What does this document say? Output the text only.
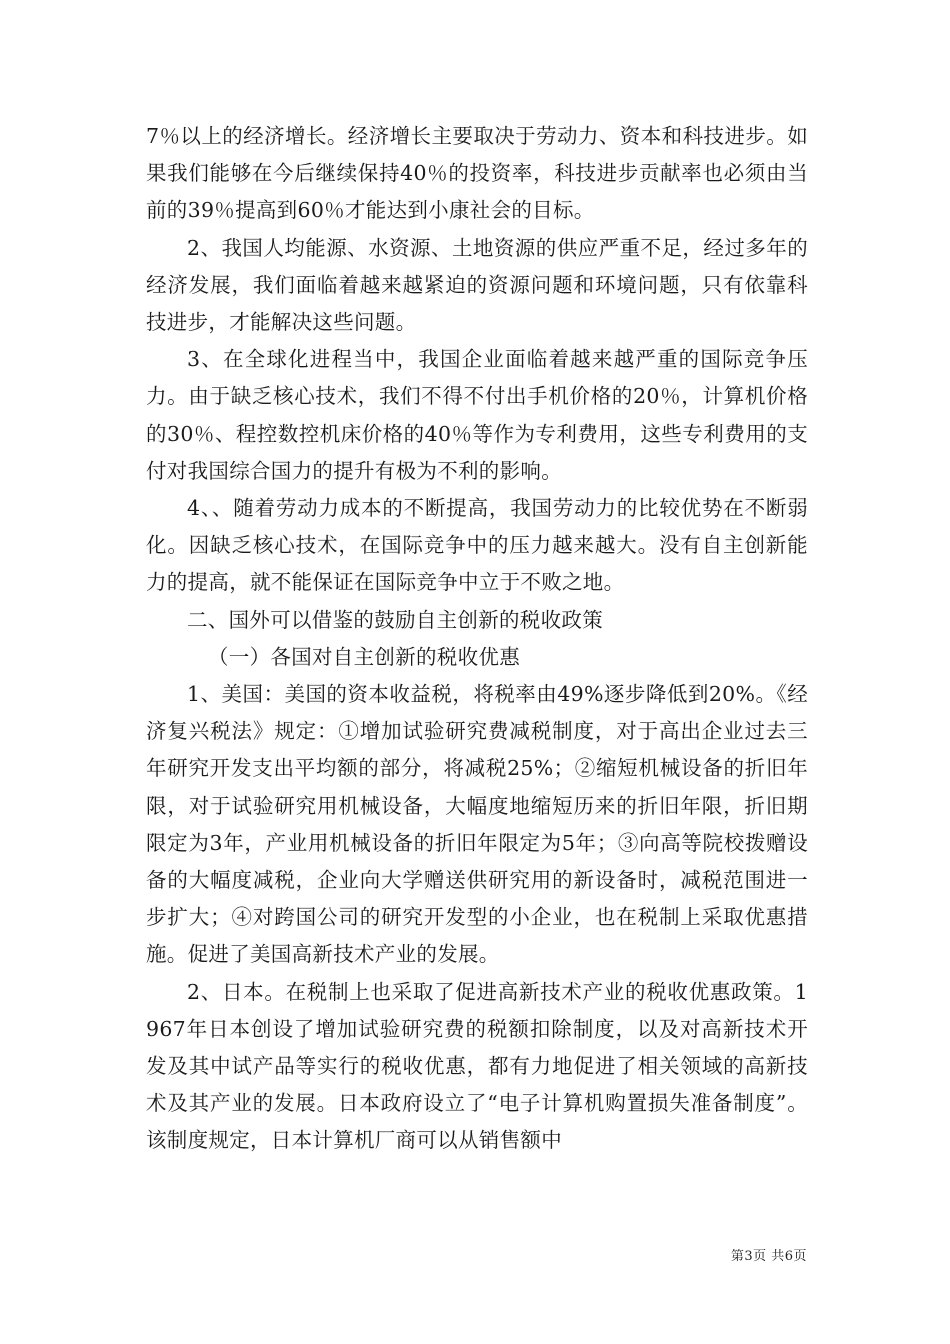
7％以上的经济增长。经济增长主要取决于劳动力、资本和科技进步。如果我们能够在今后继续保持40％的投资率，科技进步贡献率也必须由当前的39％提高到60％才能达到小康社会的目标。

2、我国人均能源、水资源、土地资源的供应严重不足，经过多年的经济发展，我们面临着越来越紧迫的资源问题和环境问题，只有依靠科技进步，才能解决这些问题。

3、在全球化进程当中，我国企业面临着越来越严重的国际竞争压力。由于缺乏核心技术，我们不得不付出手机价格的20％，计算机价格的30％、程控数控机床价格的40％等作为专利费用，这些专利费用的支付对我国综合国力的提升有极为不利的影响。

4、、随着劳动力成本的不断提高，我国劳动力的比较优势在不断弱化。因缺乏核心技术，在国际竞争中的压力越来越大。没有自主创新能力的提高，就不能保证在国际竞争中立于不败之地。

二、国外可以借鉴的鼓励自主创新的税收政策

（一）各国对自主创新的税收优惠

1、美国：美国的资本收益税，将税率由49%逐步降低到20%。《经济复兴税法》规定：①增加试验研究费减税制度，对于高出企业过去三年研究开发支出平均额的部分，将减税25%；②缩短机械设备的折旧年限，对于试验研究用机械设备，大幅度地缩短历来的折旧年限，折旧期限定为3年，产业用机械设备的折旧年限定为5年；③向高等院校拨赠设备的大幅度减税，企业向大学赠送供研究用的新设备时，减税范围进一步扩大；④对跨国公司的研究开发型的小企业，也在税制上采取优惠措施。促进了美国高新技术产业的发展。

2、日本。在税制上也采取了促进高新技术产业的税收优惠政策。1967年日本创设了增加试验研究费的税额扣除制度，以及对高新技术开发及其中试产品等实行的税收优惠，都有力地促进了相关领域的高新技术及其产业的发展。日本政府设立了“电子计算机购置损失准备制度”。该制度规定，日本计算机厂商可以从销售额中

第3页 共6页
